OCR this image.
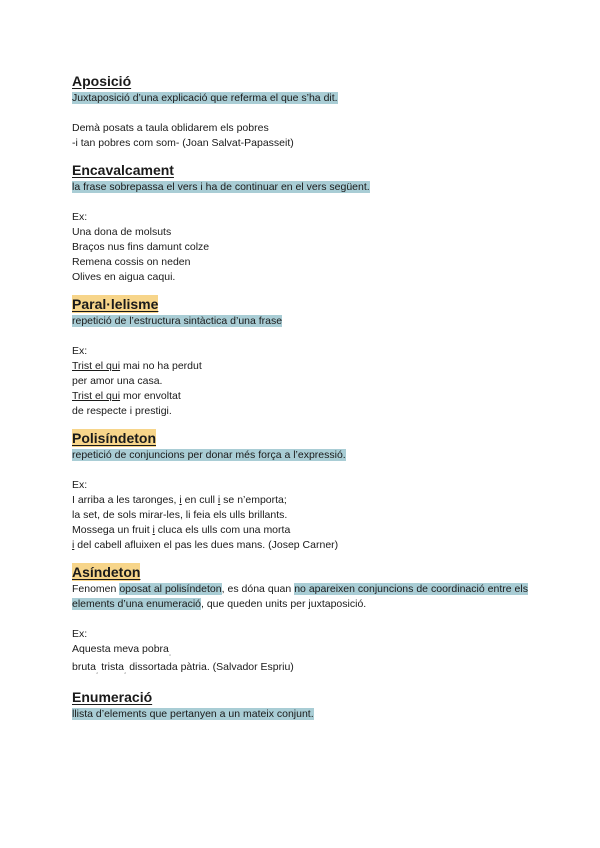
Aposició

Juxtaposició d’una explicació que referma el que s’ha dit.

Demà posats a taula oblidarem els pobres
-i tan pobres com som- (Joan Salvat-Papasseit)
Encavalcament

la frase sobrepassa el vers i ha de continuar en el vers següent.

Ex:
Una dona de molsuts
Braços nus fins damunt colze
Remena cossis on neden
Olives en aigua caqui.
Paral·lelisme

repetició de l’estructura sintàctica d’una frase

Ex:
Trist el qui mai no ha perdut
per amor una casa.
Trist el qui mor envoltat
de respecte i prestigi.
Polisíndeton

repetició de conjuncions per donar més força a l’expressió.

Ex:
I arriba a les taronges, i en cull i se n’emporta;
la set, de sols mirar-les, li feia els ulls brillants.
Mossega un fruit i cluca els ulls com una morta
i del cabell afluixen el pas les dues mans. (Josep Carner)
Asíndeton

Fenomen oposat al polisíndeton, es dóna quan no apareixen conjuncions de coordinació entre els elements d’una enumeració, que queden units per juxtaposició.

Ex:
Aquesta meva pobra˰
bruta˰ trista˰ dissortada pàtria. (Salvador Espriu)
Enumeració

llista d’elements que pertanyen a un mateix conjunt.
